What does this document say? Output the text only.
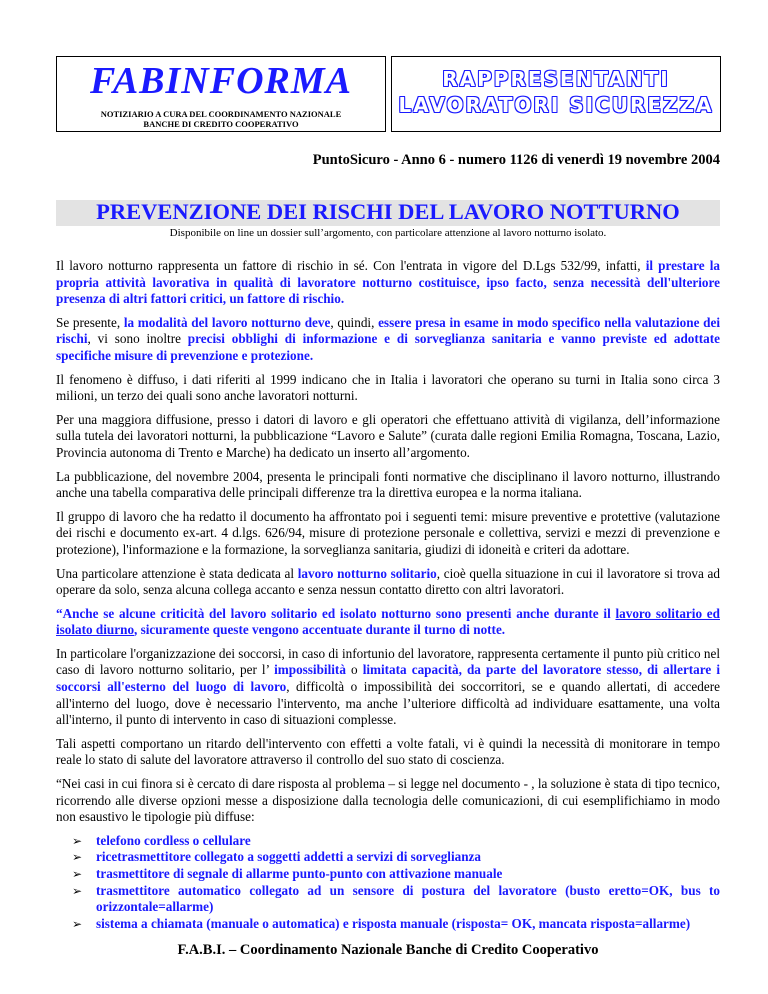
FABINFORMA
NOTIZIARIO A CURA DEL COORDINAMENTO NAZIONALE
BANCHE DI CREDITO COOPERATIVO
RAPPRESENTANTI
LAVORATORI SICUREZZA
PuntoSicuro - Anno 6 - numero 1126 di venerdì 19 novembre 2004
PREVENZIONE DEI RISCHI DEL LAVORO NOTTURNO
Disponibile on line un dossier sull’argomento, con particolare attenzione al lavoro notturno isolato.

Il lavoro notturno rappresenta un fattore di rischio in sé. Con l'entrata in vigore del D.Lgs 532/99, infatti, il prestare la propria attività lavorativa in qualità di lavoratore notturno costituisce, ipso facto, senza necessità dell'ulteriore presenza di altri fattori critici, un fattore di rischio.

Se presente, la modalità del lavoro notturno deve, quindi, essere presa in esame in modo specifico nella valutazione dei rischi, vi sono inoltre precisi obblighi di informazione e di sorveglianza sanitaria e vanno previste ed adottate specifiche misure di prevenzione e protezione.

Il fenomeno è diffuso, i dati riferiti al 1999 indicano che in Italia i lavoratori che operano su turni in Italia sono circa 3 milioni, un terzo dei quali sono anche lavoratori notturni.

Per una maggiora diffusione, presso i datori di lavoro e gli operatori che effettuano attività di vigilanza, dell’informazione sulla tutela dei lavoratori notturni, la pubblicazione “Lavoro e Salute” (curata dalle regioni Emilia Romagna, Toscana, Lazio, Provincia autonoma di Trento e Marche) ha dedicato un inserto all’argomento.

La pubblicazione, del novembre 2004, presenta le principali fonti normative che disciplinano il lavoro notturno, illustrando anche una tabella comparativa delle principali differenze tra la direttiva europea e la norma italiana.

Il gruppo di lavoro che ha redatto il documento ha affrontato poi i seguenti temi: misure preventive e protettive (valutazione dei rischi e documento ex-art. 4 d.lgs. 626/94, misure di protezione personale e collettiva, servizi e mezzi di prevenzione e protezione), l'informazione e la formazione, la sorveglianza sanitaria, giudizi di idoneità e criteri da adottare.

Una particolare attenzione è stata dedicata al lavoro notturno solitario, cioè quella situazione in cui il lavoratore si trova ad operare da solo, senza alcuna collega accanto e senza nessun contatto diretto con altri lavoratori.

“Anche se alcune criticità del lavoro solitario ed isolato notturno sono presenti anche durante il lavoro solitario ed isolato diurno, sicuramente queste vengono accentuate durante il turno di notte.

In particolare l'organizzazione dei soccorsi, in caso di infortunio del lavoratore, rappresenta certamente il punto più critico nel caso di lavoro notturno solitario, per l’ impossibilità o limitata capacità, da parte del lavoratore stesso, di allertare i soccorsi all'esterno del luogo di lavoro, difficoltà o impossibilità dei soccorritori, se e quando allertati, di accedere all'interno del luogo, dove è necessario l'intervento, ma anche l’ulteriore difficoltà ad individuare esattamente, una volta all'interno, il punto di intervento in caso di situazioni complesse.

Tali aspetti comportano un ritardo dell'intervento con effetti a volte fatali, vi è quindi la necessità di monitorare in tempo reale lo stato di salute del lavoratore attraverso il controllo del suo stato di coscienza.

“Nei casi in cui finora si è cercato di dare risposta al problema – si legge nel documento - , la soluzione è stata di tipo tecnico, ricorrendo alle diverse opzioni messe a disposizione dalla tecnologia delle comunicazioni, di cui esemplifichiamo in modo non esaustivo le tipologie più diffuse:

➢ telefono cordless o cellulare
➢ ricetrasmettitore collegato a soggetti addetti a servizi di sorveglianza
➢ trasmettitore di segnale di allarme punto-punto con attivazione manuale
➢ trasmettitore automatico collegato ad un sensore di postura del lavoratore (busto eretto=OK, bus to orizzontale=allarme)
➢ sistema a chiamata (manuale o automatica) e risposta manuale (risposta= OK, mancata risposta=allarme)
F.A.B.I. – Coordinamento Nazionale Banche di Credito Cooperativo
